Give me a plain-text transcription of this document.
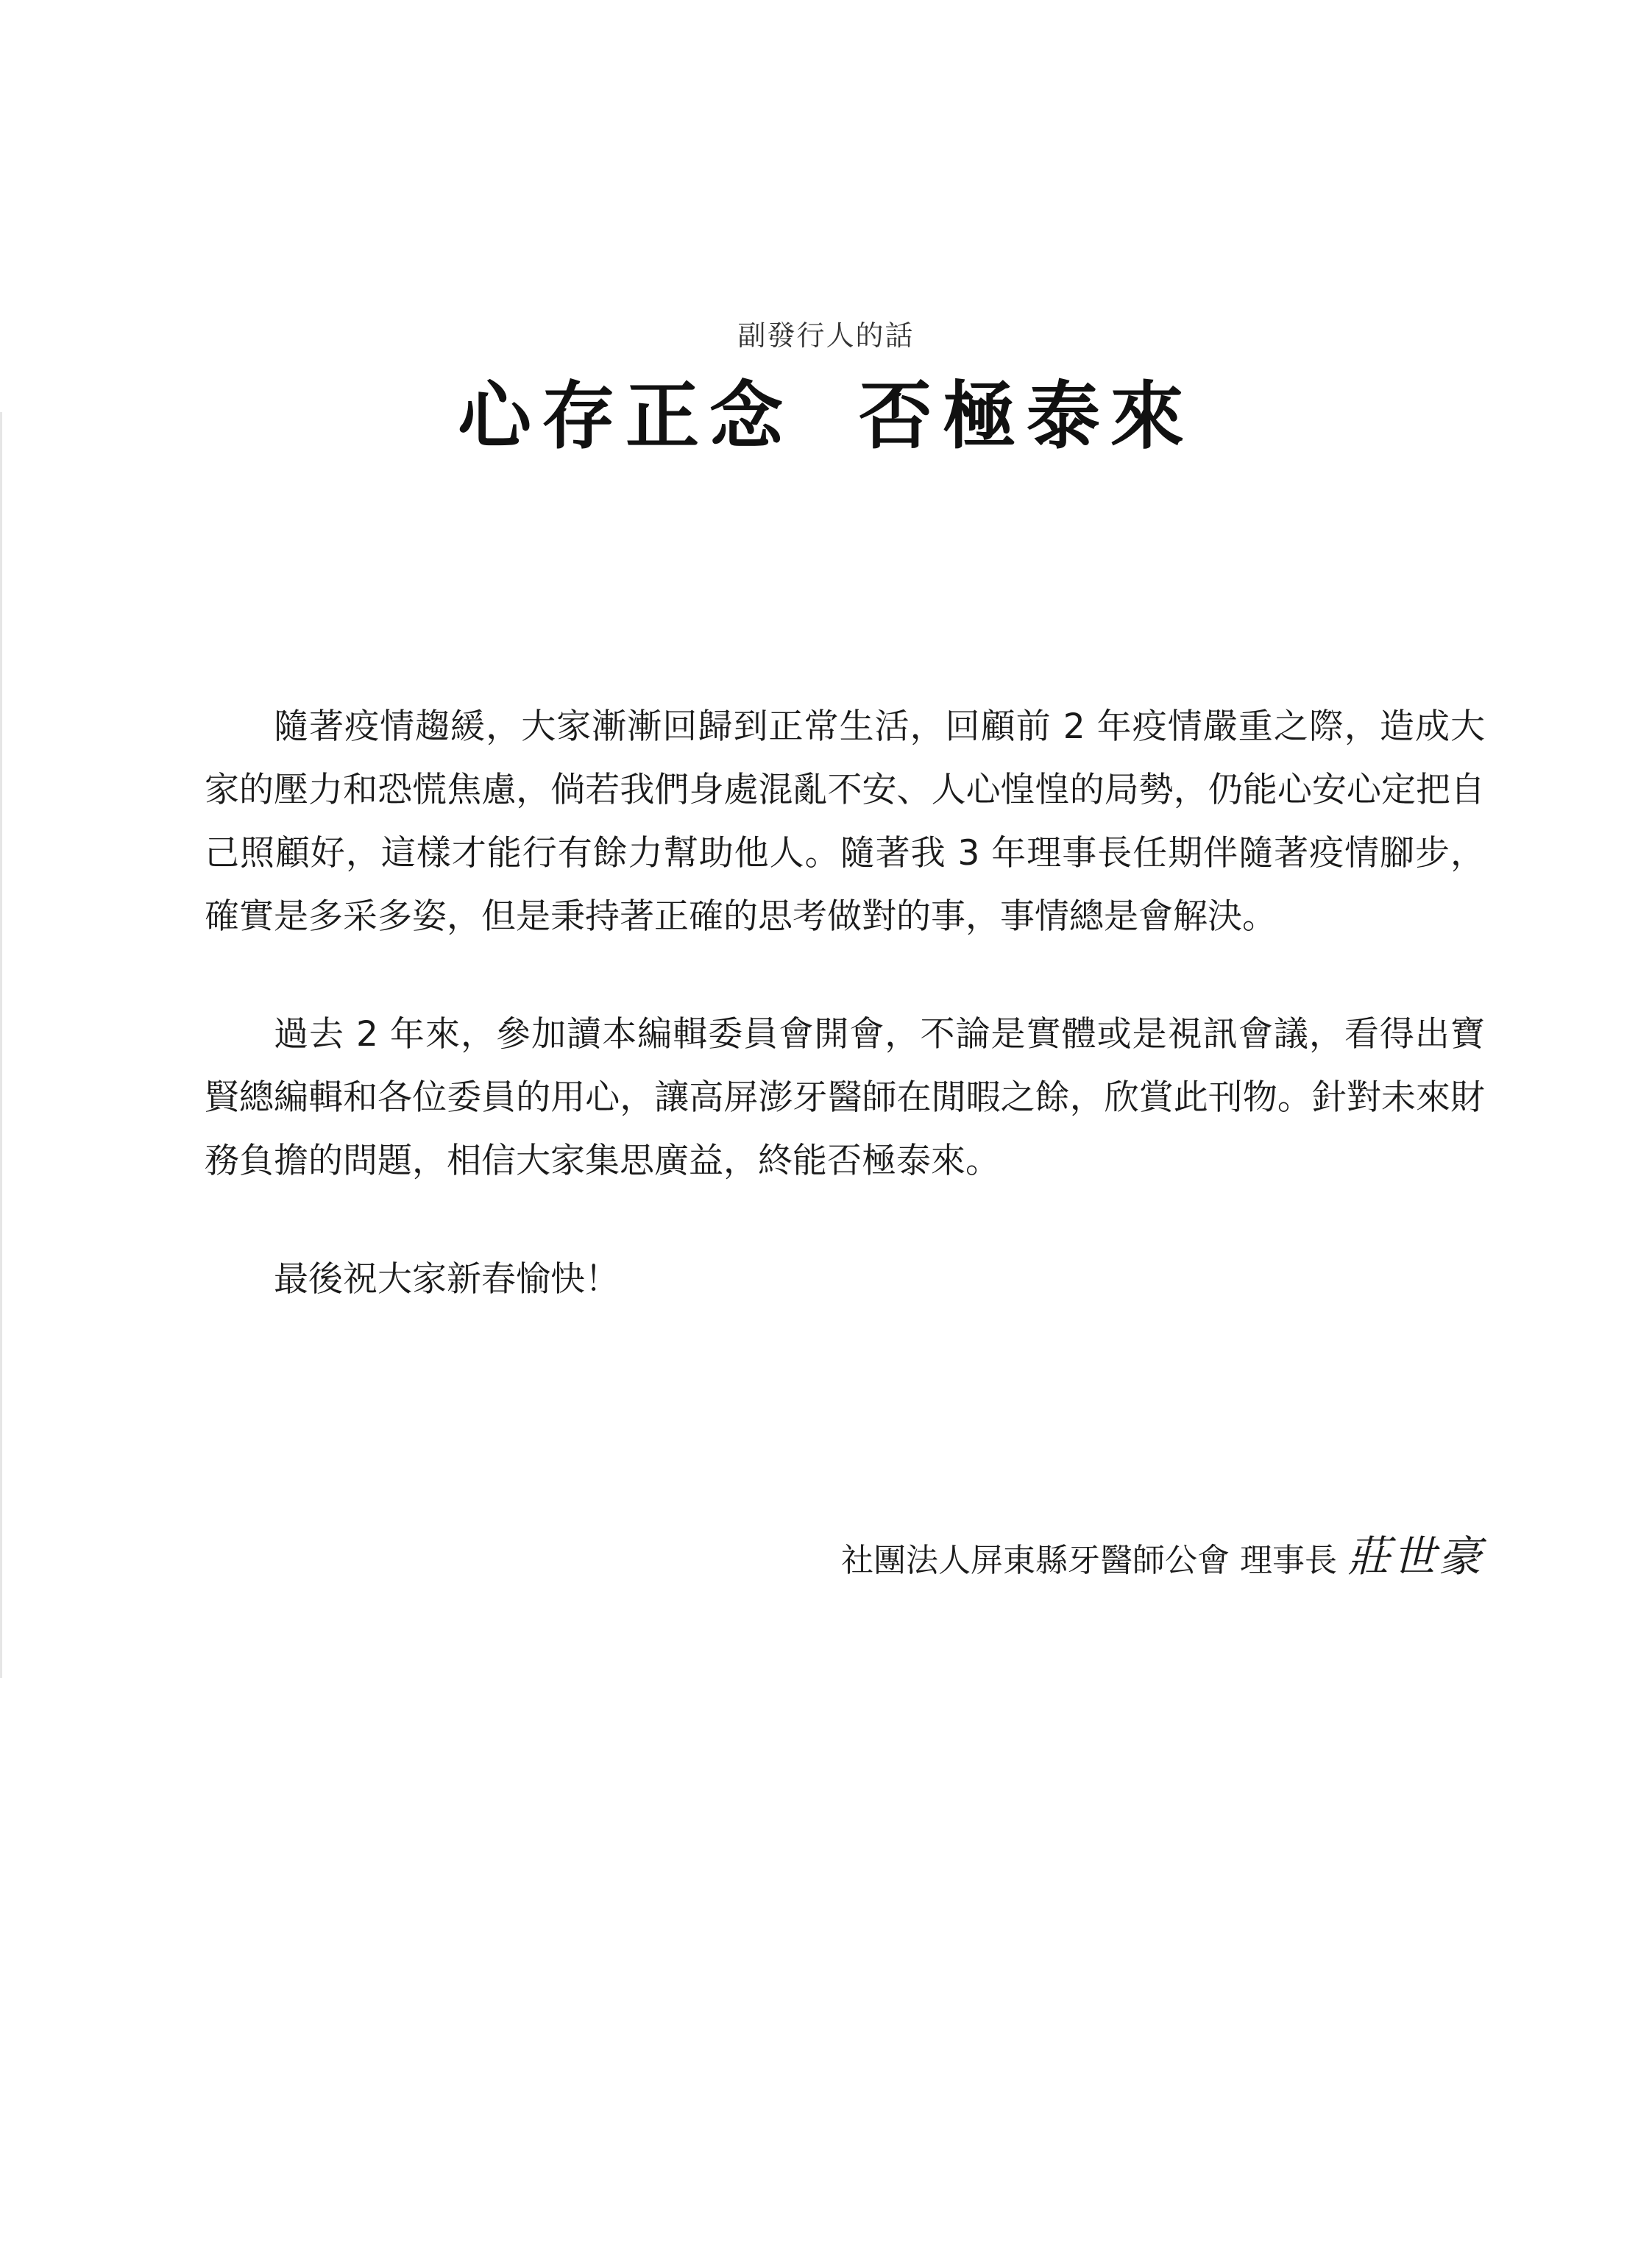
副發行人的話
心存正念 否極泰來

隨著疫情趨緩，大家漸漸回歸到正常生活，回顧前 2 年疫情嚴重之際，造成大家的壓力和恐慌焦慮，倘若我們身處混亂不安、人心惶惶的局勢，仍能心安心定把自己照顧好，這樣才能行有餘力幫助他人。隨著我 3 年理事長任期伴隨著疫情腳步，確實是多采多姿，但是秉持著正確的思考做對的事，事情總是會解決。

過去 2 年來，參加讀本編輯委員會開會，不論是實體或是視訊會議，看得出寶賢總編輯和各位委員的用心，讓高屏澎牙醫師在閒暇之餘，欣賞此刊物。針對未來財務負擔的問題，相信大家集思廣益，終能否極泰來。

最後祝大家新春愉快！

社團法人屏東縣牙醫師公會 理事長 莊世豪
